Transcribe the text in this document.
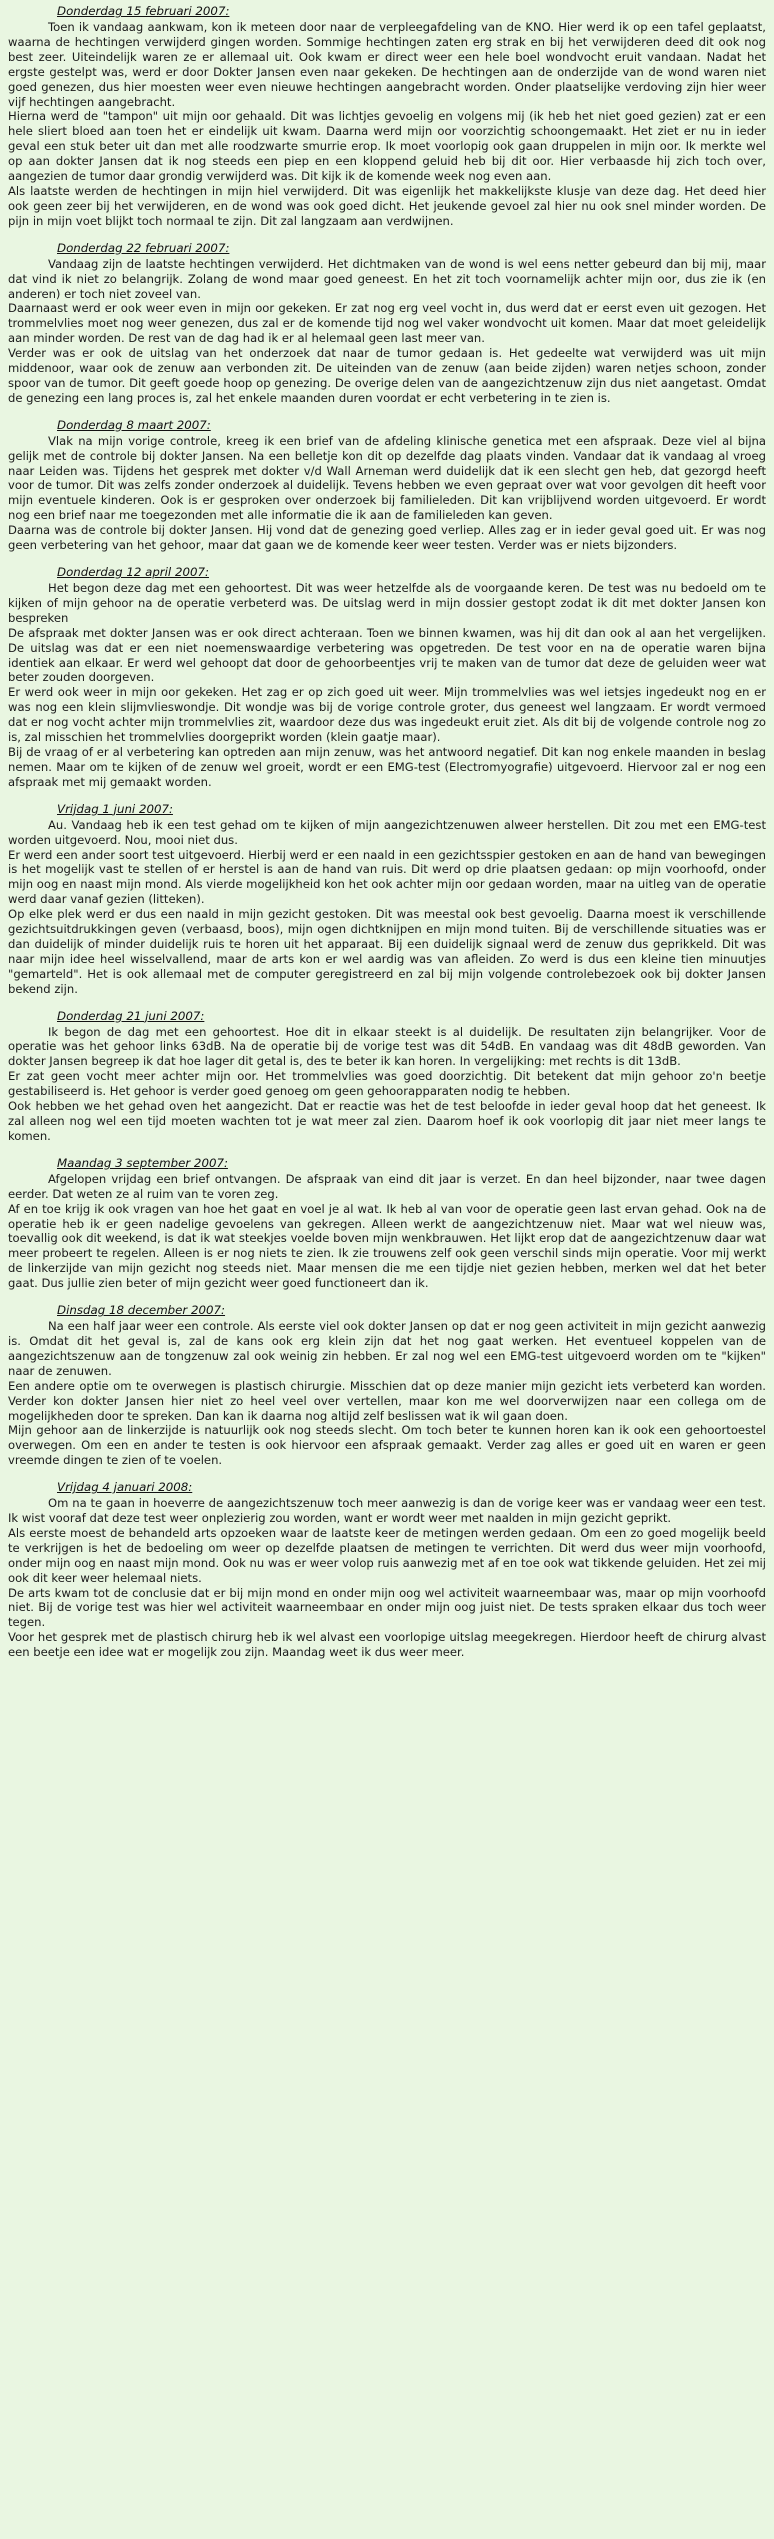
Donderdag 15 februari 2007:

Toen ik vandaag aankwam, kon ik meteen door naar de verpleegafdeling van de KNO. Hier werd ik op een tafel geplaatst, waarna de hechtingen verwijderd gingen worden. Sommige hechtingen zaten erg strak en bij het verwijderen deed dit ook nog best zeer. Uiteindelijk waren ze er allemaal uit. Ook kwam er direct weer een hele boel wondvocht eruit vandaan. Nadat het ergste gestelpt was, werd er door Dokter Jansen even naar gekeken. De hechtingen aan de onderzijde van de wond waren niet goed genezen, dus hier moesten weer even nieuwe hechtingen aangebracht worden. Onder plaatselijke verdoving zijn hier weer vijf hechtingen aangebracht.

Hierna werd de "tampon" uit mijn oor gehaald. Dit was lichtjes gevoelig en volgens mij (ik heb het niet goed gezien) zat er een hele sliert bloed aan toen het er eindelijk uit kwam. Daarna werd mijn oor voorzichtig schoongemaakt. Het ziet er nu in ieder geval een stuk beter uit dan met alle roodzwarte smurrie erop. Ik moet voorlopig ook gaan druppelen in mijn oor. Ik merkte wel op aan dokter Jansen dat ik nog steeds een piep en een kloppend geluid heb bij dit oor. Hier verbaasde hij zich toch over, aangezien de tumor daar grondig verwijderd was. Dit kijk ik de komende week nog even aan.

Als laatste werden de hechtingen in mijn hiel verwijderd. Dit was eigenlijk het makkelijkste klusje van deze dag. Het deed hier ook geen zeer bij het verwijderen, en de wond was ook goed dicht. Het jeukende gevoel zal hier nu ook snel minder worden. De pijn in mijn voet blijkt toch normaal te zijn. Dit zal langzaam aan verdwijnen.

Donderdag 22 februari 2007:

Vandaag zijn de laatste hechtingen verwijderd. Het dichtmaken van de wond is wel eens netter gebeurd dan bij mij, maar dat vind ik niet zo belangrijk. Zolang de wond maar goed geneest. En het zit toch voornamelijk achter mijn oor, dus zie ik (en anderen) er toch niet zoveel van.

Daarnaast werd er ook weer even in mijn oor gekeken. Er zat nog erg veel vocht in, dus werd dat er eerst even uit gezogen. Het trommelvlies moet nog weer genezen, dus zal er de komende tijd nog wel vaker wondvocht uit komen. Maar dat moet geleidelijk aan minder worden. De rest van de dag had ik er al helemaal geen last meer van.

Verder was er ook de uitslag van het onderzoek dat naar de tumor gedaan is. Het gedeelte wat verwijderd was uit mijn middenoor, waar ook de zenuw aan verbonden zit. De uiteinden van de zenuw (aan beide zijden) waren netjes schoon, zonder spoor van de tumor. Dit geeft goede hoop op genezing. De overige delen van de aangezichtzenuw zijn dus niet aangetast. Omdat de genezing een lang proces is, zal het enkele maanden duren voordat er echt verbetering in te zien is.

Donderdag 8 maart 2007:

Vlak na mijn vorige controle, kreeg ik een brief van de afdeling klinische genetica met een afspraak. Deze viel al bijna gelijk met de controle bij dokter Jansen. Na een belletje kon dit op dezelfde dag plaats vinden. Vandaar dat ik vandaag al vroeg naar Leiden was. Tijdens het gesprek met dokter v/d Wall Arneman werd duidelijk dat ik een slecht gen heb, dat gezorgd heeft voor de tumor. Dit was zelfs zonder onderzoek al duidelijk. Tevens hebben we even gepraat over wat voor gevolgen dit heeft voor mijn eventuele kinderen. Ook is er gesproken over onderzoek bij familieleden. Dit kan vrijblijvend worden uitgevoerd. Er wordt nog een brief naar me toegezonden met alle informatie die ik aan de familieleden kan geven.

Daarna was de controle bij dokter Jansen. Hij vond dat de genezing goed verliep. Alles zag er in ieder geval goed uit. Er was nog geen verbetering van het gehoor, maar dat gaan we de komende keer weer testen. Verder was er niets bijzonders.

Donderdag 12 april 2007:

Het begon deze dag met een gehoortest. Dit was weer hetzelfde als de voorgaande keren. De test was nu bedoeld om te kijken of mijn gehoor na de operatie verbeterd was. De uitslag werd in mijn dossier gestopt zodat ik dit met dokter Jansen kon bespreken

De afspraak met dokter Jansen was er ook direct achteraan. Toen we binnen kwamen, was hij dit dan ook al aan het vergelijken. De uitslag was dat er een niet noemenswaardige verbetering was opgetreden. De test voor en na de operatie waren bijna identiek aan elkaar. Er werd wel gehoopt dat door de gehoorbeentjes vrij te maken van de tumor dat deze de geluiden weer wat beter zouden doorgeven.

Er werd ook weer in mijn oor gekeken. Het zag er op zich goed uit weer. Mijn trommelvlies was wel ietsjes ingedeukt nog en er was nog een klein slijmvlieswondje. Dit wondje was bij de vorige controle groter, dus geneest wel langzaam. Er wordt vermoed dat er nog vocht achter mijn trommelvlies zit, waardoor deze dus was ingedeukt eruit ziet. Als dit bij de volgende controle nog zo is, zal misschien het trommelvlies doorgeprikt worden (klein gaatje maar).

Bij de vraag of er al verbetering kan optreden aan mijn zenuw, was het antwoord negatief. Dit kan nog enkele maanden in beslag nemen. Maar om te kijken of de zenuw wel groeit, wordt er een EMG-test (Electromyografie) uitgevoerd. Hiervoor zal er nog een afspraak met mij gemaakt worden.

Vrijdag 1 juni 2007:

Au. Vandaag heb ik een test gehad om te kijken of mijn aangezichtzenuwen alweer herstellen. Dit zou met een EMG-test worden uitgevoerd. Nou, mooi niet dus.

Er werd een ander soort test uitgevoerd. Hierbij werd er een naald in een gezichtsspier gestoken en aan de hand van bewegingen is het mogelijk vast te stellen of er herstel is aan de hand van ruis. Dit werd op drie plaatsen gedaan: op mijn voorhoofd, onder mijn oog en naast mijn mond. Als vierde mogelijkheid kon het ook achter mijn oor gedaan worden, maar na uitleg van de operatie werd daar vanaf gezien (litteken).

Op elke plek werd er dus een naald in mijn gezicht gestoken. Dit was meestal ook best gevoelig. Daarna moest ik verschillende gezichtsuitdrukkingen geven (verbaasd, boos), mijn ogen dichtknijpen en mijn mond tuiten. Bij de verschillende situaties was er dan duidelijk of minder duidelijk ruis te horen uit het apparaat. Bij een duidelijk signaal werd de zenuw dus geprikkeld. Dit was naar mijn idee heel wisselvallend, maar de arts kon er wel aardig was van afleiden. Zo werd is dus een kleine tien minuutjes "gemarteld". Het is ook allemaal met de computer geregistreerd en zal bij mijn volgende controlebezoek ook bij dokter Jansen bekend zijn.

Donderdag 21 juni 2007:

Ik begon de dag met een gehoortest. Hoe dit in elkaar steekt is al duidelijk. De resultaten zijn belangrijker. Voor de operatie was het gehoor links 63dB. Na de operatie bij de vorige test was dit 54dB. En vandaag was dit 48dB geworden. Van dokter Jansen begreep ik dat hoe lager dit getal is, des te beter ik kan horen. In vergelijking: met rechts is dit 13dB.

Er zat geen vocht meer achter mijn oor. Het trommelvlies was goed doorzichtig. Dit betekent dat mijn gehoor zo'n beetje gestabiliseerd is. Het gehoor is verder goed genoeg om geen gehoorapparaten nodig te hebben.

Ook hebben we het gehad oven het aangezicht. Dat er reactie was het de test beloofde in ieder geval hoop dat het geneest. Ik zal alleen nog wel een tijd moeten wachten tot je wat meer zal zien. Daarom hoef ik ook voorlopig dit jaar niet meer langs te komen.

Maandag 3 september 2007:

Afgelopen vrijdag een brief ontvangen. De afspraak van eind dit jaar is verzet. En dan heel bijzonder, naar twee dagen eerder. Dat weten ze al ruim van te voren zeg.

Af en toe krijg ik ook vragen van hoe het gaat en voel je al wat. Ik heb al van voor de operatie geen last ervan gehad. Ook na de operatie heb ik er geen nadelige gevoelens van gekregen. Alleen werkt de aangezichtzenuw niet. Maar wat wel nieuw was, toevallig ook dit weekend, is dat ik wat steekjes voelde boven mijn wenkbrauwen. Het lijkt erop dat de aangezichtzenuw daar wat meer probeert te regelen. Alleen is er nog niets te zien. Ik zie trouwens zelf ook geen verschil sinds mijn operatie. Voor mij werkt de linkerzijde van mijn gezicht nog steeds niet. Maar mensen die me een tijdje niet gezien hebben, merken wel dat het beter gaat. Dus jullie zien beter of mijn gezicht weer goed functioneert dan ik.

Dinsdag 18 december 2007:

Na een half jaar weer een controle. Als eerste viel ook dokter Jansen op dat er nog geen activiteit in mijn gezicht aanwezig is. Omdat dit het geval is, zal de kans ook erg klein zijn dat het nog gaat werken. Het eventueel koppelen van de aangezichtszenuw aan de tongzenuw zal ook weinig zin hebben. Er zal nog wel een EMG-test uitgevoerd worden om te "kijken" naar de zenuwen.

Een andere optie om te overwegen is plastisch chirurgie. Misschien dat op deze manier mijn gezicht iets verbeterd kan worden. Verder kon dokter Jansen hier niet zo heel veel over vertellen, maar kon me wel doorverwijzen naar een collega om de mogelijkheden door te spreken. Dan kan ik daarna nog altijd zelf beslissen wat ik wil gaan doen.

Mijn gehoor aan de linkerzijde is natuurlijk ook nog steeds slecht. Om toch beter te kunnen horen kan ik ook een gehoortoestel overwegen. Om een en ander te testen is ook hiervoor een afspraak gemaakt. Verder zag alles er goed uit en waren er geen vreemde dingen te zien of te voelen.

Vrijdag 4 januari 2008:

Om na te gaan in hoeverre de aangezichtszenuw toch meer aanwezig is dan de vorige keer was er vandaag weer een test. Ik wist vooraf dat deze test weer onplezierig zou worden, want er wordt weer met naalden in mijn gezicht geprikt.

Als eerste moest de behandeld arts opzoeken waar de laatste keer de metingen werden gedaan. Om een zo goed mogelijk beeld te verkrijgen is het de bedoeling om weer op dezelfde plaatsen de metingen te verrichten. Dit werd dus weer mijn voorhoofd, onder mijn oog en naast mijn mond. Ook nu was er weer volop ruis aanwezig met af en toe ook wat tikkende geluiden. Het zei mij ook dit keer weer helemaal niets.

De arts kwam tot de conclusie dat er bij mijn mond en onder mijn oog wel activiteit waarneembaar was, maar op mijn voorhoofd niet. Bij de vorige test was hier wel activiteit waarneembaar en onder mijn oog juist niet. De tests spraken elkaar dus toch weer tegen.

Voor het gesprek met de plastisch chirurg heb ik wel alvast een voorlopige uitslag meegekregen. Hierdoor heeft de chirurg alvast een beetje een idee wat er mogelijk zou zijn. Maandag weet ik dus weer meer.
